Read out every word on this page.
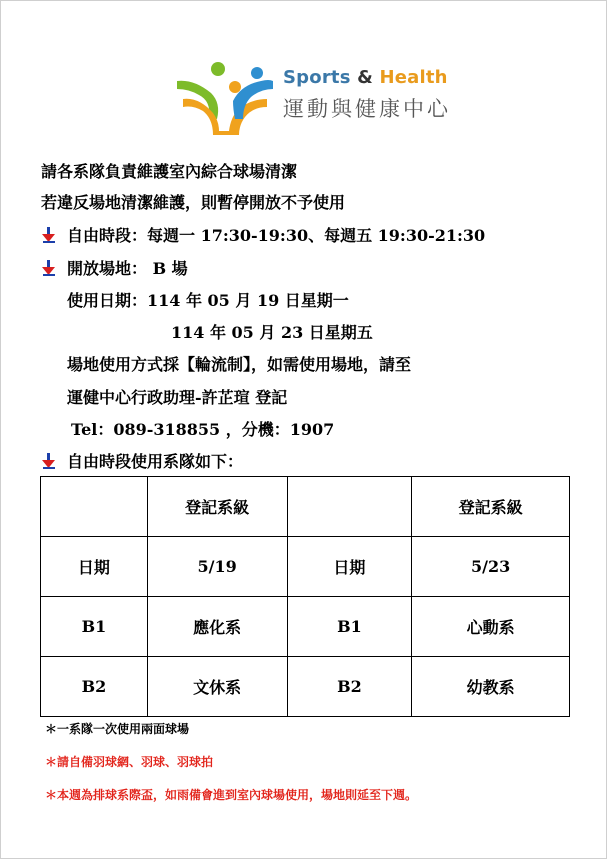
Sports & Health
運動與健康中心
請各系隊負責維護室內綜合球場清潔
若違反場地清潔維護，則暫停開放不予使用
自由時段：每週一 17:30-19:30、每週五 19:30-21:30
開放場地： B 場
使用日期：114 年 05 月 19 日星期一
114 年 05 月 23 日星期五
場地使用方式採【輪流制】，如需使用場地，請至
運健中心行政助理-許芷瑄 登記
Tel：089-318855 ，分機：1907
自由時段使用系隊如下：
	登記系級		登記系級
日期	5/19	日期	5/23
B1	應化系	B1	心動系
B2	文休系	B2	幼教系
＊一系隊一次使用兩面球場
＊請自備羽球網、羽球、羽球拍
＊本週為排球系際盃，如雨備會進到室內球場使用，場地則延至下週。
